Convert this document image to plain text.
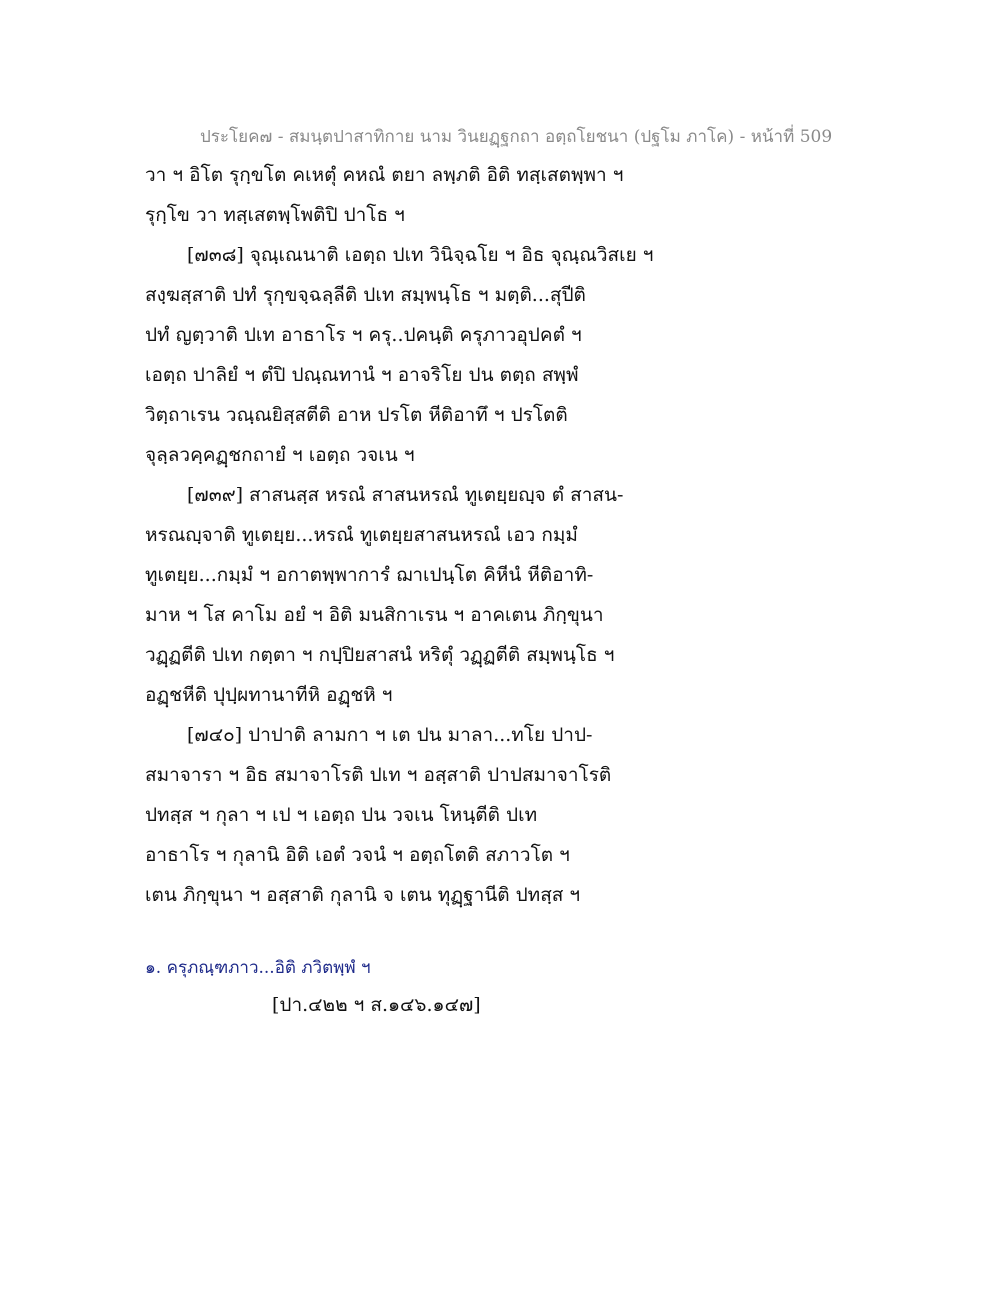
ประโยค๗ - สมนฺตปาสาทิกาย นาม วินยฏฺฐกถา อตฺถโยชนา (ปฐโม ภาโค) - หน้าที่ 509
วา ฯ อิโต รุกฺขโต คเหตุํ คหณํ ตยา ลพฺภติ อิติ ทสฺเสตพฺพา ฯ
รุกฺโข วา ทสฺเสตพฺโพติปิ ปาโธ ฯ
[๗๓๘] จุณฺเณนาติ เอตฺถ ปเท วินิจฺฉโย ฯ อิธ จุณฺณวิสเย ฯ
สงฺฆสฺสาติ ปทํ รุกฺขจฺฉลฺลีติ ปเท สมฺพนฺโธ ฯ มตฺติ...สุปีติ
ปทํ ญตฺวาติ ปเท อาธาโร ฯ ครุ..ปคนฺติ ครุภาวอุปคตํ ฯ
เอตฺถ ปาลิยํ ฯ ตํปิ ปณฺณทานํ ฯ อาจริโย ปน ตตฺถ สพฺพํ
วิตฺถาเรน วณฺณยิสฺสตีติ อาห ปรโต หีติอาทึ ฯ ปรโตติ
จุลฺลวคฺคฏฺชกถายํ ฯ เอตฺถ วจเน ฯ
[๗๓๙] สาสนสฺส หรณํ สาสนหรณํ ทูเตยฺยญฺจ ตํ สาสน-
หรณญฺจาติ ทูเตยฺย...หรณํ ทูเตยฺยสาสนหรณํ เอว กมฺมํ
ทูเตยฺย...กมฺมํ ฯ อกาตพฺพาการํ ฌาเปนฺโต คิหีนํ หีติอาทิ-
มาห ฯ โส คาโม อยํ ฯ อิติ มนสิกาเรน ฯ อาคเตน ภิกฺขุนา
วฏฺฏตีติ ปเท กตฺตา ฯ กปฺปิยสาสนํ หริตุํ วฏฺฏตีติ สมฺพนฺโธ ฯ
อฏฺชหีติ ปุปฺผทานาทีหิ อฏฺชหิ ฯ
[๗๔๐] ปาปาติ ลามกา ฯ เต ปน มาลา...ทโย ปาป-
สมาจารา ฯ อิธ สมาจาโรติ ปเท ฯ อสฺสาติ ปาปสมาจาโรติ
ปทสฺส ฯ กุลา ฯ เป ฯ เอตฺถ ปน วจเน โหนฺตีติ ปเท
อาธาโร ฯ กุลานิ อิติ เอตํ วจนํ ฯ อตฺถโตติ สภาวโต ฯ
เตน ภิกฺขุนา ฯ อสฺสาติ กุลานิ จ เตน ทุฏฺฐานีติ ปทสฺส ฯ
๑. ครุภณฺฑภาว...อิติ ภวิตพฺพํ ฯ
[ปา.๔๒๒ ฯ ส.๑๔๖.๑๔๗]
